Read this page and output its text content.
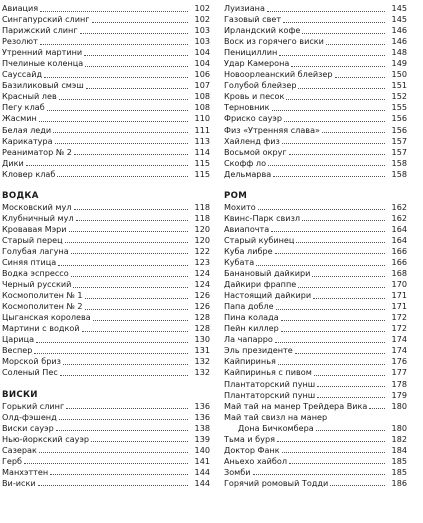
Авиация	102
Сингапурский слинг	102
Парижский слинг	103
Резолют	103
Утренний мартини	104
Пчелиные коленца	104
Сауссайд	106
Базиликовый смэш	107
Красный лев	108
Пегу клаб	108
Жасмин	110
Белая леди	111
Карикатура	113
Реаниматор № 2	114
Дики	115
Кловер клаб	115
ВОДКА
Московский мул	118
Клубничный мул	118
Кровавая Мэри	120
Старый перец	120
Голубая лагуна	122
Синяя птица	123
Водка эспрессо	124
Черный русский	124
Космополитен № 1	126
Космополитен № 2	126
Цыганская королева	128
Мартини с водкой	128
Царица	130
Веспер	131
Морской бриз	132
Соленый Пес	132
ВИСКИ
Горький слинг	136
Олд-фэшенд	136
Виски сауэр	138
Нью-йоркский сауэр	139
Сазерак	140
Герб	141
Манхэттен	144
Ви-иски	144
Луизиана	145
Газовый свет	145
Ирландский кофе	146
Воск из горячего виски	146
Пенициллин	148
Удар Камерона	149
Новоорлеанский блейзер	150
Голубой блейзер	151
Кровь и песок	152
Терновник	155
Фриско сауэр	156
Физ «Утренняя слава»	156
Хайленд физ	157
Восьмой округ	157
Скофф ло	158
Дельмарва	158
РОМ
Мохито	162
Квинс-Парк свизл	162
Авиапочта	164
Старый кубинец	164
Куба либре	166
Кубата	166
Банановый дайкири	168
Дайкири фраппе	170
Настоящий дайкири	171
Папа добле	171
Пина колада	172
Пейн киллер	172
Ла чапарро	174
Эль президенте	174
Кайпиринья	176
Кайпиринья с пивом	177
Плантаторский пунш	178
Плантаторский пунш	179
Май тай на манер Трейдера Вика	180
Май тай свизл на манер
Дона Бичкомбера	180
Тьма и буря	182
Доктор Фанк	184
Аньехо хайбол	185
Зомби	185
Горячий ромовый Тодди	186
